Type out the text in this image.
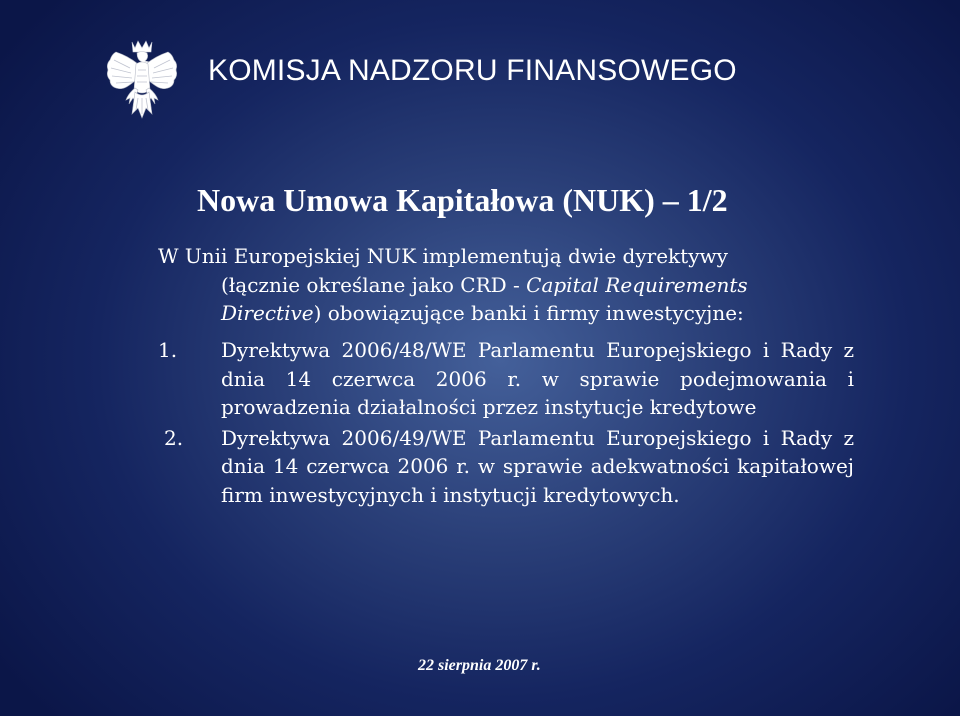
KOMISJA NADZORU FINANSOWEGO
Nowa Umowa Kapitałowa (NUK) – 1/2
W Unii Europejskiej NUK implementują dwie dyrektywy
(łącznie określane jako CRD - Capital Requirements
Directive) obowiązujące banki i firmy inwestycyjne:
1. Dyrektywa 2006/48/WE Parlamentu Europejskiego i Rady z dnia 14 czerwca 2006 r. w sprawie podejmowania i prowadzenia działalności przez instytucje kredytowe
2. Dyrektywa 2006/49/WE Parlamentu Europejskiego i Rady z dnia 14 czerwca 2006 r. w sprawie adekwatności kapitałowej firm inwestycyjnych i instytucji kredytowych.
22 sierpnia 2007 r.
